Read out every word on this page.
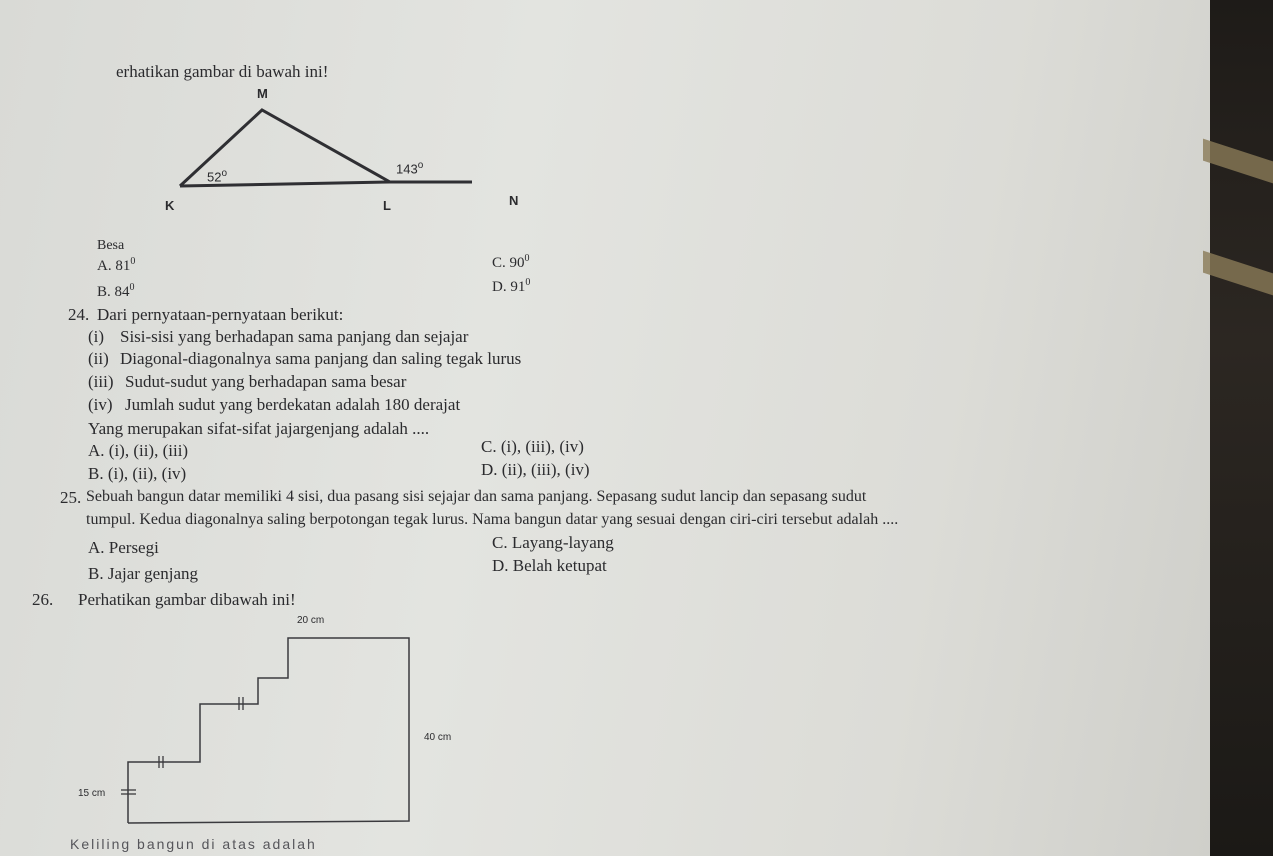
erhatikan gambar di bawah ini!
M
K	L	N
52$^o$	143$^o$
Besa
A. $81^0$
B. $84^0$
C. $90^0$
D. $91^0$
24. Dari pernyataan-pernyataan berikut:
(i) Sisi-sisi yang berhadapan sama panjang dan sejajar
(ii) Diagonal-diagonalnya sama panjang dan saling tegak lurus
(iii) Sudut-sudut yang berhadapan sama besar
(iv) Jumlah sudut yang berdekatan adalah 180 derajat
Yang merupakan sifat-sifat jajargenjang adalah ....
A. (i), (ii), (iii)
B. (i), (ii), (iv)
C. (i), (iii), (iv)
D. (ii), (iii), (iv)
25. Sebuah bangun datar memiliki 4 sisi, dua pasang sisi sejajar dan sama panjang. Sepasang sudut lancip dan sepasang sudut
tumpul. Kedua diagonalnya saling berpotongan tegak lurus. Nama bangun datar yang sesuai dengan ciri-ciri tersebut adalah ....
A. Persegi
B. Jajar genjang
C. Layang-layang
D. Belah ketupat
26. Perhatikan gambar dibawah ini!
20 cm
40 cm
15 cm
Keliling bangun di atas adalah
